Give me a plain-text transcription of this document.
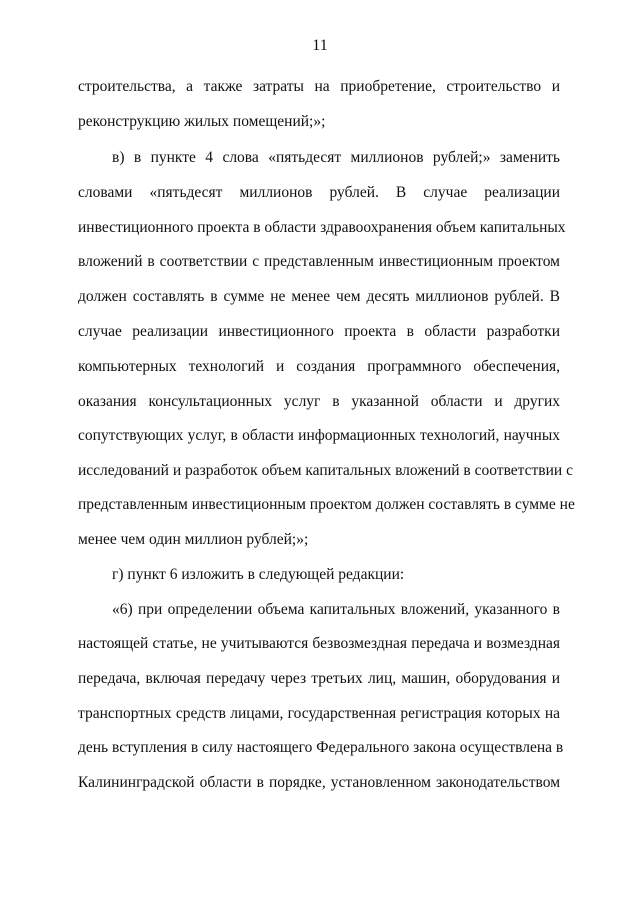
11
строительства, а также затраты на приобретение, строительство и
реконструкцию жилых помещений;»;
в) в пункте 4 слова «пятьдесят миллионов рублей;» заменить
словами «пятьдесят миллионов рублей. В случае реализации
инвестиционного проекта в области здравоохранения объем капитальных
вложений в соответствии с представленным инвестиционным проектом
должен составлять в сумме не менее чем десять миллионов рублей. В
случае реализации инвестиционного проекта в области разработки
компьютерных технологий и создания программного обеспечения,
оказания консультационных услуг в указанной области и других
сопутствующих услуг, в области информационных технологий, научных
исследований и разработок объем капитальных вложений в соответствии с
представленным инвестиционным проектом должен составлять в сумме не
менее чем один миллион рублей;»;
г) пункт 6 изложить в следующей редакции:
«6) при определении объема капитальных вложений, указанного в
настоящей статье, не учитываются безвозмездная передача и возмездная
передача, включая передачу через третьих лиц, машин, оборудования и
транспортных средств лицами, государственная регистрация которых на
день вступления в силу настоящего Федерального закона осуществлена в
Калининградской области в порядке, установленном законодательством
